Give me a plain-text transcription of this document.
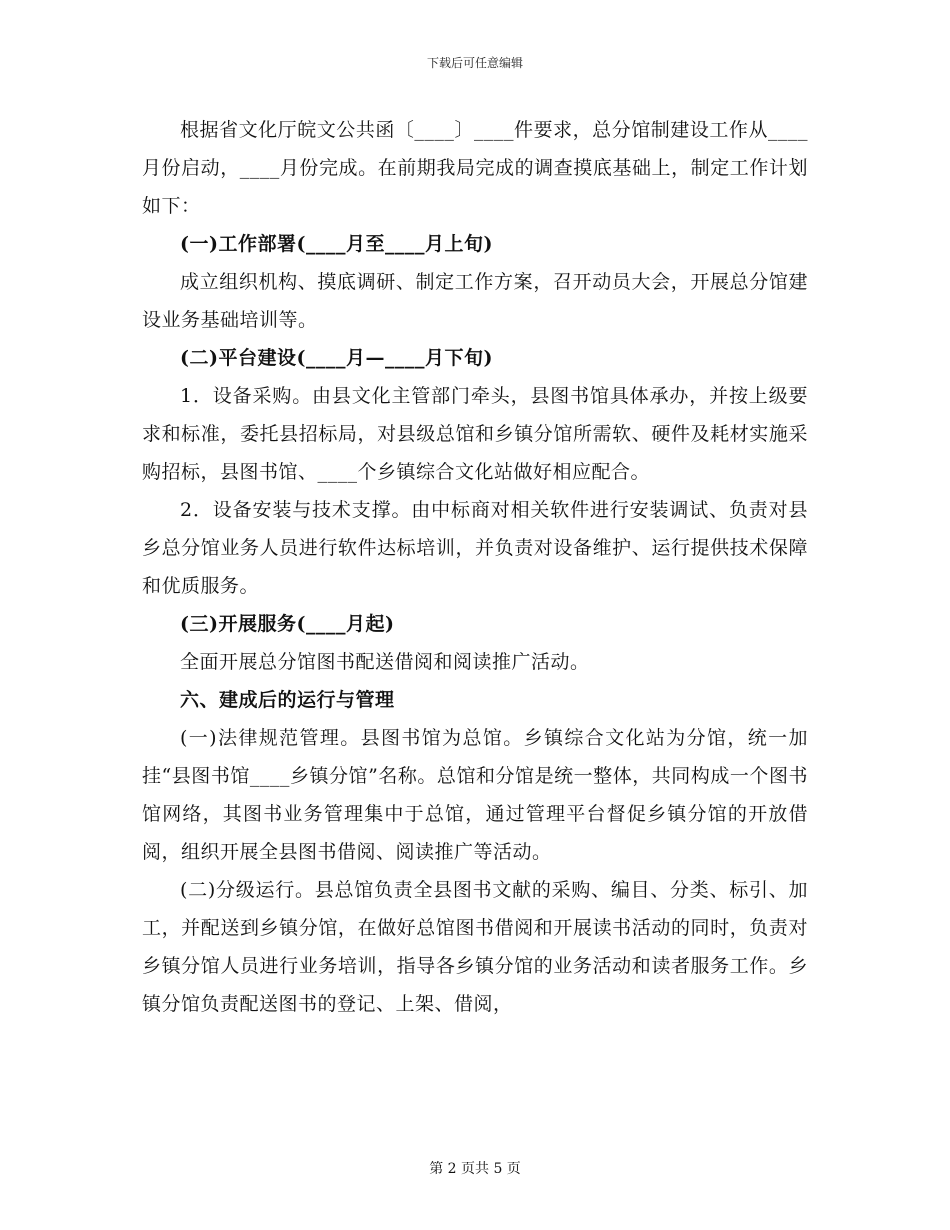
下载后可任意编辑

根据省文化厅皖文公共函〔____〕____件要求，总分馆制建设工作从____月份启动，____月份完成。在前期我局完成的调查摸底基础上，制定工作计划如下：

(一)工作部署(____月至____月上旬)

成立组织机构、摸底调研、制定工作方案，召开动员大会，开展总分馆建设业务基础培训等。

(二)平台建设(____月—____月下旬)

1．设备采购。由县文化主管部门牵头，县图书馆具体承办，并按上级要求和标准，委托县招标局，对县级总馆和乡镇分馆所需软、硬件及耗材实施采购招标，县图书馆、____个乡镇综合文化站做好相应配合。

2．设备安装与技术支撑。由中标商对相关软件进行安装调试、负责对县乡总分馆业务人员进行软件达标培训，并负责对设备维护、运行提供技术保障和优质服务。

(三)开展服务(____月起)

全面开展总分馆图书配送借阅和阅读推广活动。

六、建成后的运行与管理

(一)法律规范管理。县图书馆为总馆。乡镇综合文化站为分馆，统一加挂“县图书馆____乡镇分馆”名称。总馆和分馆是统一整体，共同构成一个图书馆网络，其图书业务管理集中于总馆，通过管理平台督促乡镇分馆的开放借阅，组织开展全县图书借阅、阅读推广等活动。

(二)分级运行。县总馆负责全县图书文献的采购、编目、分类、标引、加工，并配送到乡镇分馆，在做好总馆图书借阅和开展读书活动的同时，负责对乡镇分馆人员进行业务培训，指导各乡镇分馆的业务活动和读者服务工作。乡镇分馆负责配送图书的登记、上架、借阅，

第 2 页共 5 页
